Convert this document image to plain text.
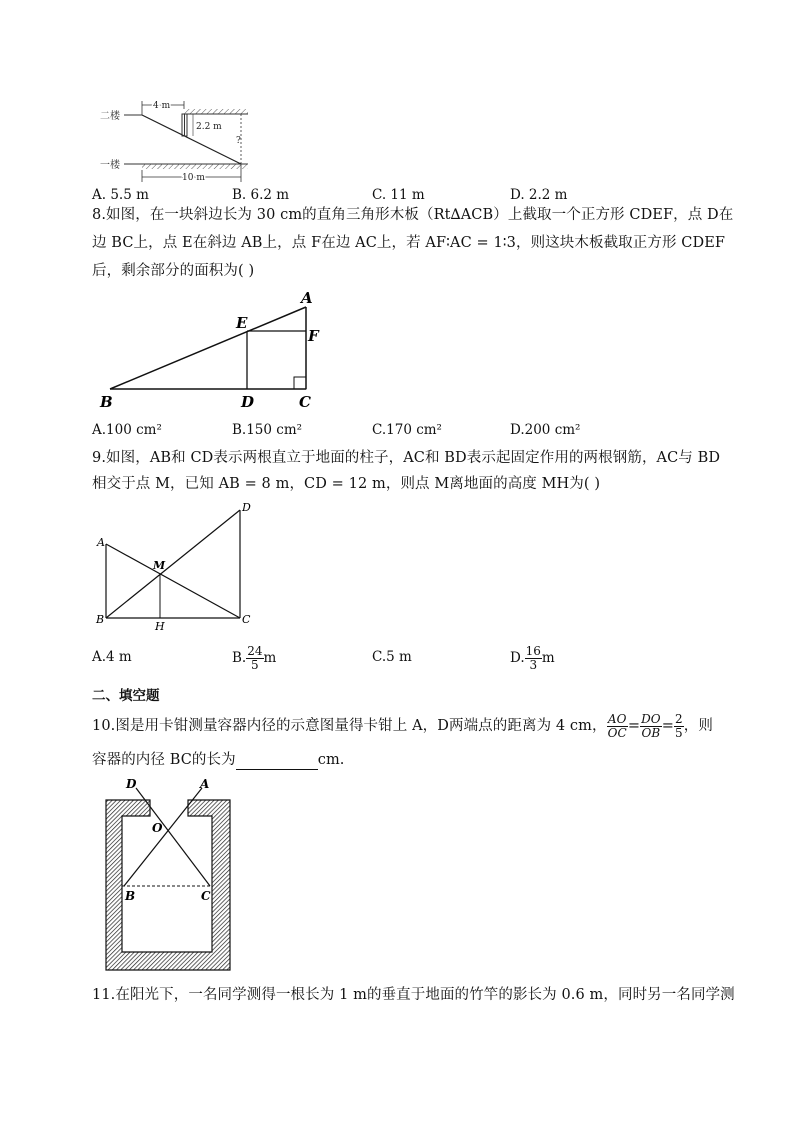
二楼
一楼
4 m
2.2 m
?
10 m
A. 5.5 m	B. 6.2 m	C. 11 m	D. 2.2 m
8.如图，在一块斜边长为 30 cm的直角三角形木板（Rt∆ACB）上截取一个正方形 CDEF，点 D在
边 BC上，点 E在斜边 AB上，点 F在边 AC上，若 AF∶AC = 1∶3，则这块木板截取正方形 CDEF
后，剩余部分的面积为( )
A
E
F
B	D	C
A.100 cm²	B.150 cm²	C.170 cm²	D.200 cm²
9.如图，AB和 CD表示两根直立于地面的柱子，AC和 BD表示起固定作用的两根钢筋，AC与 BD
相交于点 M，已知 AB = 8 m，CD = 12 m，则点 M离地面的高度 MH为( )
A
B	C
D
M
H
A.4 m	B. $\frac{24}{5}$ m	C.5 m	D. $\frac{16}{3}$ m
二、填空题
10.图是用卡钳测量容器内径的示意图量得卡钳上 A，D两端点的距离为 4 cm， $\frac{AO}{OC} = \frac{DO}{OB} = \frac{2}{5}$ ，则
容器的内径 BC的长为	cm.
D	A
O
B	C
11.在阳光下，一名同学测得一根长为 1 m的垂直于地面的竹竿的影长为 0.6 m，同时另一名同学测
